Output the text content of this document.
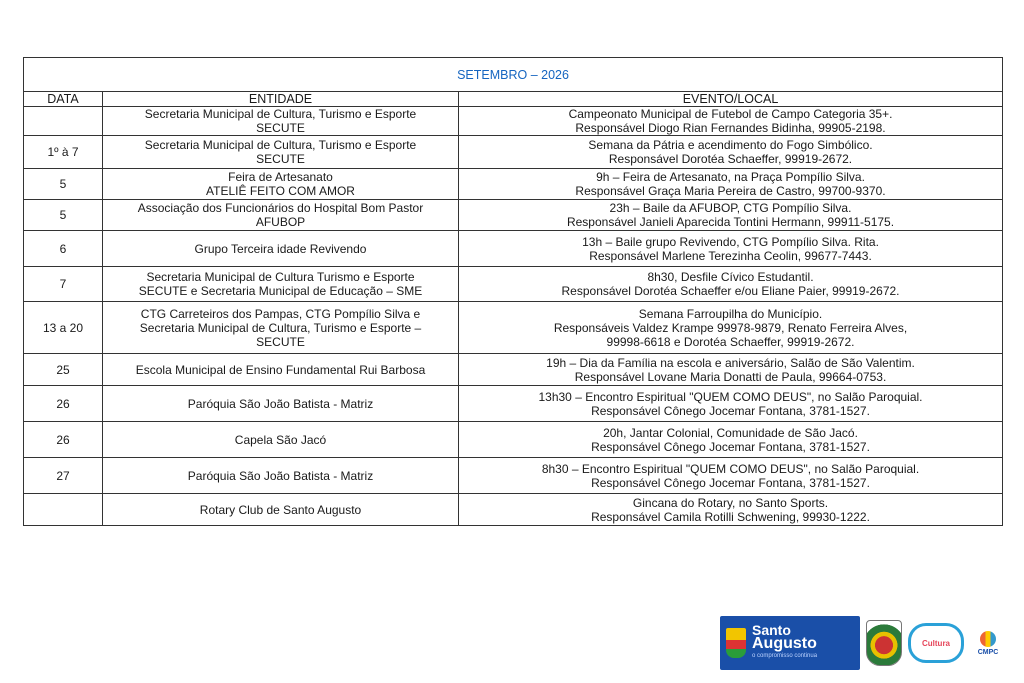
SETEMBRO – 2026		
DATA	ENTIDADE	EVENTO/LOCAL

	Secretaria Municipal de Cultura, Turismo e Esporte
SECUTE	Campeonato Municipal de Futebol de Campo Categoria 35+.
Responsável Diogo Rian Fernandes Bidinha, 99905-2198.

1º à 7	Secretaria Municipal de Cultura, Turismo e Esporte
SECUTE	Semana da Pátria e acendimento do Fogo Simbólico.
Responsável Dorotéa Schaeffer, 99919-2672.

5	Feira de Artesanato
ATELIÊ FEITO COM AMOR	9h – Feira de Artesanato, na Praça Pompílio Silva.
Responsável Graça Maria Pereira de Castro, 99700-9370.

5	Associação dos Funcionários do Hospital Bom Pastor
AFUBOP	23h – Baile da AFUBOP, CTG Pompílio Silva.
Responsável Janieli Aparecida Tontini Hermann, 99911-5175.

6	Grupo Terceira idade Revivendo	13h – Baile grupo Revivendo, CTG Pompílio Silva. Rita.
Responsável Marlene Terezinha Ceolin, 99677-7443.

7	Secretaria Municipal de Cultura Turismo e Esporte
SECUTE e Secretaria Municipal de Educação – SME	8h30, Desfile Cívico Estudantil.
Responsável Dorotéa Schaeffer e/ou Eliane Paier, 99919-2672.

13 a 20	CTG Carreteiros dos Pampas, CTG Pompílio Silva e
Secretaria Municipal de Cultura, Turismo e Esporte –
SECUTE	Semana Farroupilha do Município.
Responsáveis Valdez Krampe 99978-9879, Renato Ferreira Alves,
99998-6618 e Dorotéa Schaeffer, 99919-2672.

25	Escola Municipal de Ensino Fundamental Rui Barbosa	19h – Dia da Família na escola e aniversário, Salão de São Valentim.
Responsável Lovane Maria Donatti de Paula, 99664-0753.

26	Paróquia São João Batista - Matriz	13h30 – Encontro Espiritual "QUEM COMO DEUS", no Salão Paroquial.
Responsável Cônego Jocemar Fontana, 3781-1527.

26	Capela São Jacó	20h, Jantar Colonial, Comunidade de São Jacó.
Responsável Cônego Jocemar Fontana, 3781-1527.

27	Paróquia São João Batista - Matriz	8h30 – Encontro Espiritual "QUEM COMO DEUS", no Salão Paroquial.
Responsável Cônego Jocemar Fontana, 3781-1527.

	Rotary Club de Santo Augusto	Gincana do Rotary, no Santo Sports.
Responsável Camila Rotilli Schwening, 99930-1222.
Santo
Augusto
o compromisso continua
Cultura
CMPC
